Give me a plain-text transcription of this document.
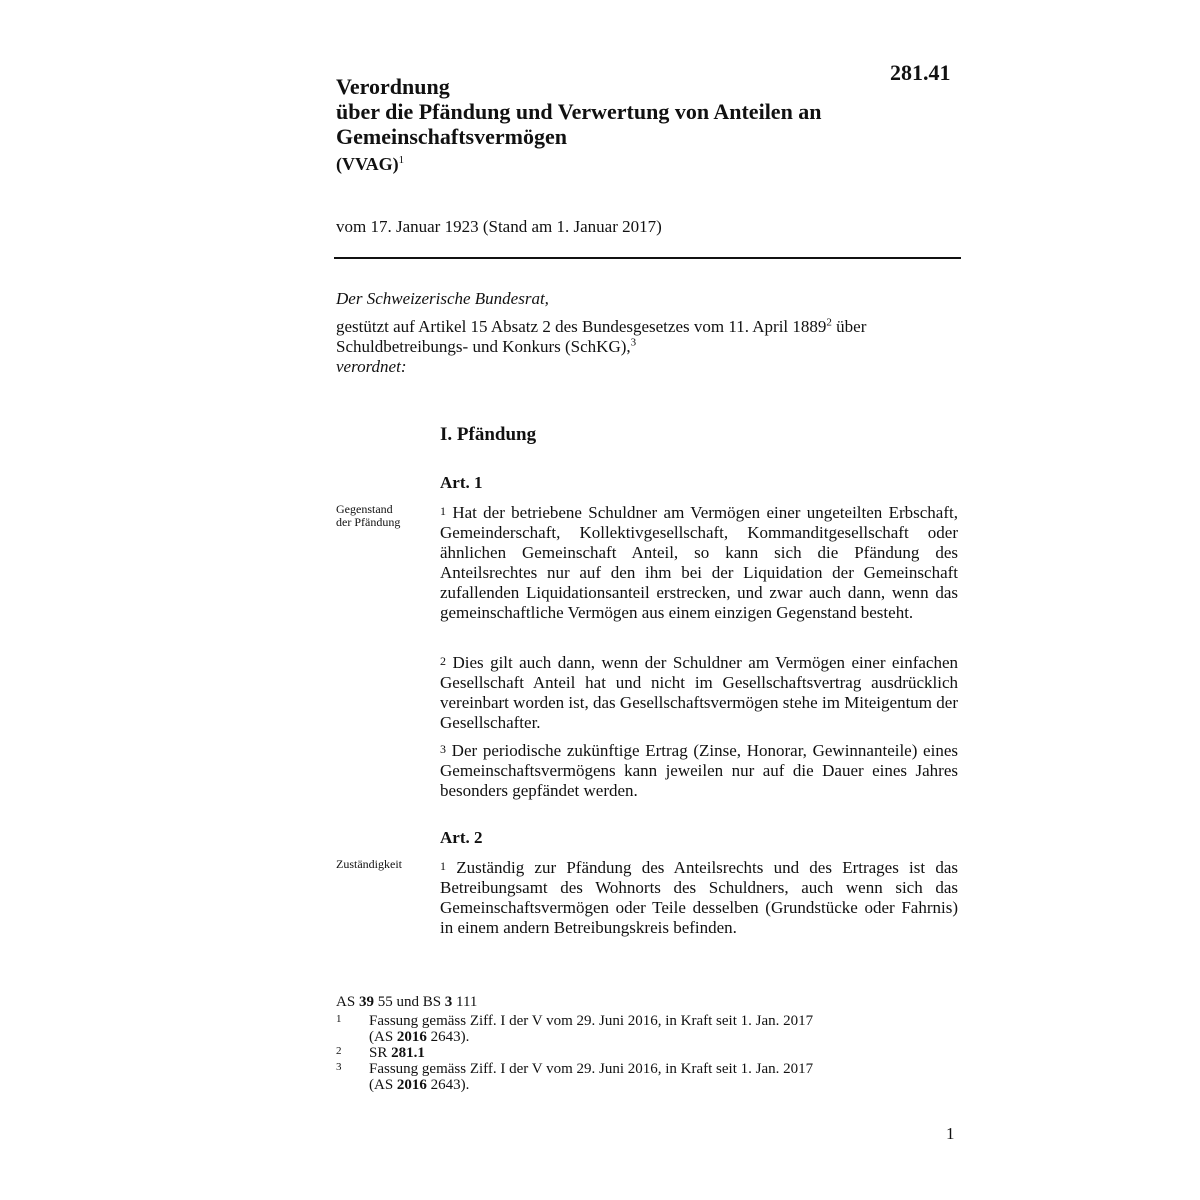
281.41
Verordnung
über die Pfändung und Verwertung von Anteilen an
Gemeinschaftsvermögen
(VVAG)$^1$
vom 17. Januar 1923 (Stand am 1. Januar 2017)

Der Schweizerische Bundesrat,

gestützt auf Artikel 15 Absatz 2 des Bundesgesetzes vom 11. April 1889$^2$ über
Schuldbetreibungs- und Konkurs (SchKG),$^3$

verordnet:

I. Pfändung
Art. 1
Gegenstand
der Pfändung

1 Hat der betriebene Schuldner am Vermögen einer ungeteilten Erbschaft, Gemeinderschaft, Kollektivgesellschaft, Kommanditgesellschaft oder ähnlichen Gemeinschaft Anteil, so kann sich die Pfändung des Anteilsrechtes nur auf den ihm bei der Liquidation der Gemeinschaft zufallenden Liquidationsanteil erstrecken, und zwar auch dann, wenn das gemeinschaftliche Vermögen aus einem einzigen Gegenstand besteht.

2 Dies gilt auch dann, wenn der Schuldner am Vermögen einer einfachen Gesellschaft Anteil hat und nicht im Gesellschaftsvertrag ausdrücklich vereinbart worden ist, das Gesellschaftsvermögen stehe im Miteigentum der Gesellschafter.

3 Der periodische zukünftige Ertrag (Zinse, Honorar, Gewinnanteile) eines Gemeinschaftsvermögens kann jeweilen nur auf die Dauer eines Jahres besonders gepfändet werden.

Art. 2
Zuständigkeit	1 Zuständig zur Pfändung des Anteilsrechts und des Ertrages ist das Betreibungsamt des Wohnorts des Schuldners, auch wenn sich das Gemeinschaftsvermögen oder Teile desselben (Grundstücke oder Fahrnis) in einem andern Betreibungskreis befinden.

AS 39 55 und BS 3 111
1 Fassung gemäss Ziff. I der V vom 29. Juni 2016, in Kraft seit 1. Jan. 2017
(AS 2016 2643).
2 SR 281.1
3 Fassung gemäss Ziff. I der V vom 29. Juni 2016, in Kraft seit 1. Jan. 2017
(AS 2016 2643).
1
